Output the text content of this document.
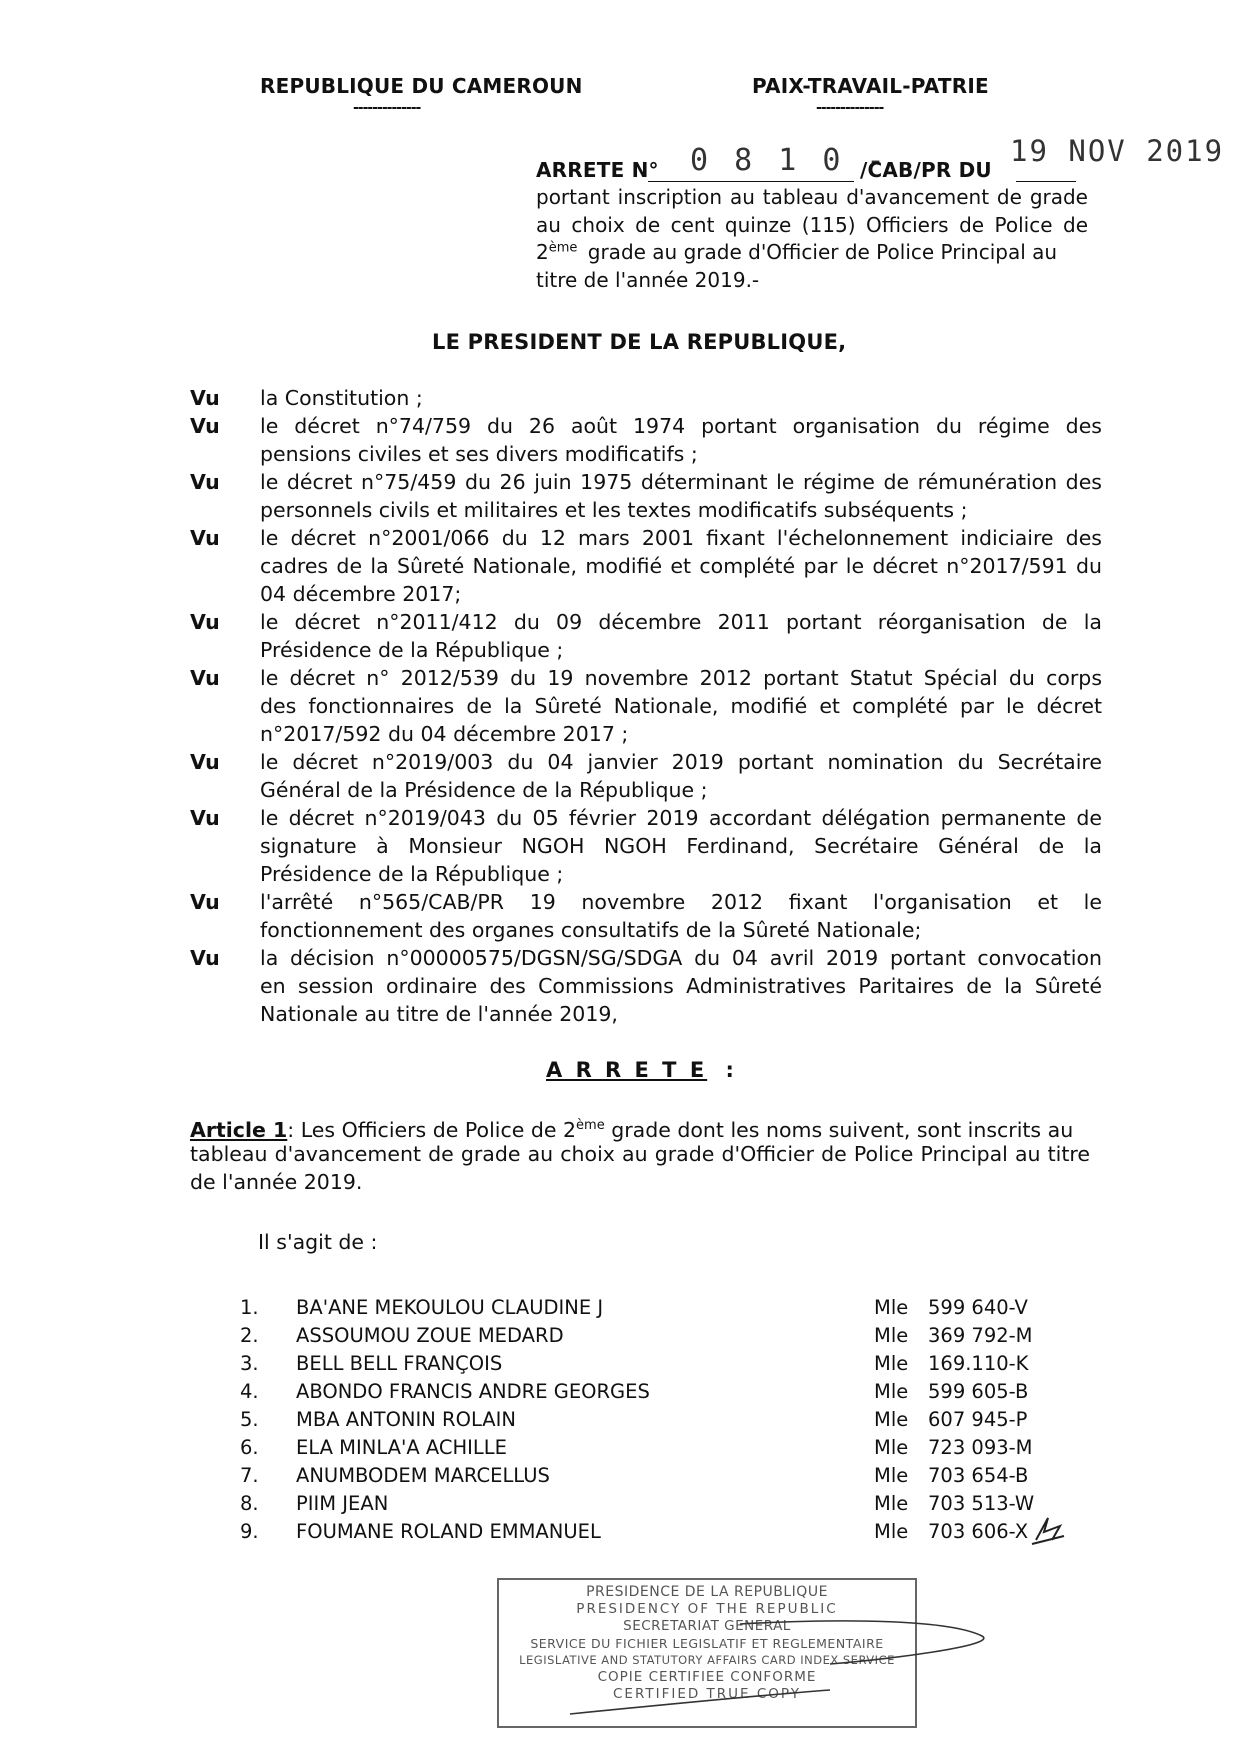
REPUBLIQUE DU CAMEROUN
--------------
PAIX-TRAVAIL-PATRIE
--------------
ARRETE N° 0 8 1 0 -
/CAB/PR DU
19 NOV 2019
portant inscription au tableau d'avancement de grade
au choix de cent quinze (115) Officiers de Police de
2ème grade au grade d'Officier de Police Principal au
titre de l'année 2019.-
LE PRESIDENT DE LA REPUBLIQUE,
Vu	la Constitution ;
Vu	le décret n°74/759 du 26 août 1974 portant organisation du régime des
pensions civiles et ses divers modificatifs ;
Vu	le décret n°75/459 du 26 juin 1975 déterminant le régime de rémunération des
personnels civils et militaires et les textes modificatifs subséquents ;
Vu	le décret n°2001/066 du 12 mars 2001 fixant l'échelonnement indiciaire des
cadres de la Sûreté Nationale, modifié et complété par le décret n°2017/591 du
04 décembre 2017;
Vu	le décret n°2011/412 du 09 décembre 2011 portant réorganisation de la
Présidence de la République ;
Vu	le décret n° 2012/539 du 19 novembre 2012 portant Statut Spécial du corps
des fonctionnaires de la Sûreté Nationale, modifié et complété par le décret
n°2017/592 du 04 décembre 2017 ;
Vu	le décret n°2019/003 du 04 janvier 2019 portant nomination du Secrétaire
Général de la Présidence de la République ;
Vu	le décret n°2019/043 du 05 février 2019 accordant délégation permanente de
signature à Monsieur NGOH NGOH Ferdinand, Secrétaire Général de la
Présidence de la République ;
Vu	l'arrêté n°565/CAB/PR 19 novembre 2012 fixant l'organisation et le
fonctionnement des organes consultatifs de la Sûreté Nationale;
Vu	la décision n°00000575/DGSN/SG/SDGA du 04 avril 2019 portant convocation
en session ordinaire des Commissions Administratives Paritaires de la Sûreté
Nationale au titre de l'année 2019,
A R R E T E :
Article 1: Les Officiers de Police de 2ème grade dont les noms suivent, sont inscrits au
tableau d'avancement de grade au choix au grade d'Officier de Police Principal au titre
de l'année 2019.
Il s'agit de :
1. BA'ANE MEKOULOU CLAUDINE J	Mle 599 640-V
2. ASSOUMOU ZOUE MEDARD	Mle 369 792-M
3. BELL BELL FRANÇOIS	Mle 169.110-K
4. ABONDO FRANCIS ANDRE GEORGES	Mle 599 605-B
5. MBA ANTONIN ROLAIN	Mle 607 945-P
6. ELA MINLA'A ACHILLE	Mle 723 093-M
7. ANUMBODEM MARCELLUS	Mle 703 654-B
8. PIIM JEAN	Mle 703 513-W
9. FOUMANE ROLAND EMMANUEL	Mle 703 606-X
PRESIDENCE DE LA REPUBLIQUE
PRESIDENCY OF THE REPUBLIC
SECRETARIAT GENERAL
SERVICE DU FICHIER LEGISLATIF ET REGLEMENTAIRE
LEGISLATIVE AND STATUTORY AFFAIRS CARD INDEX SERVICE
COPIE CERTIFIEE CONFORME
CERTIFIED TRUE COPY
